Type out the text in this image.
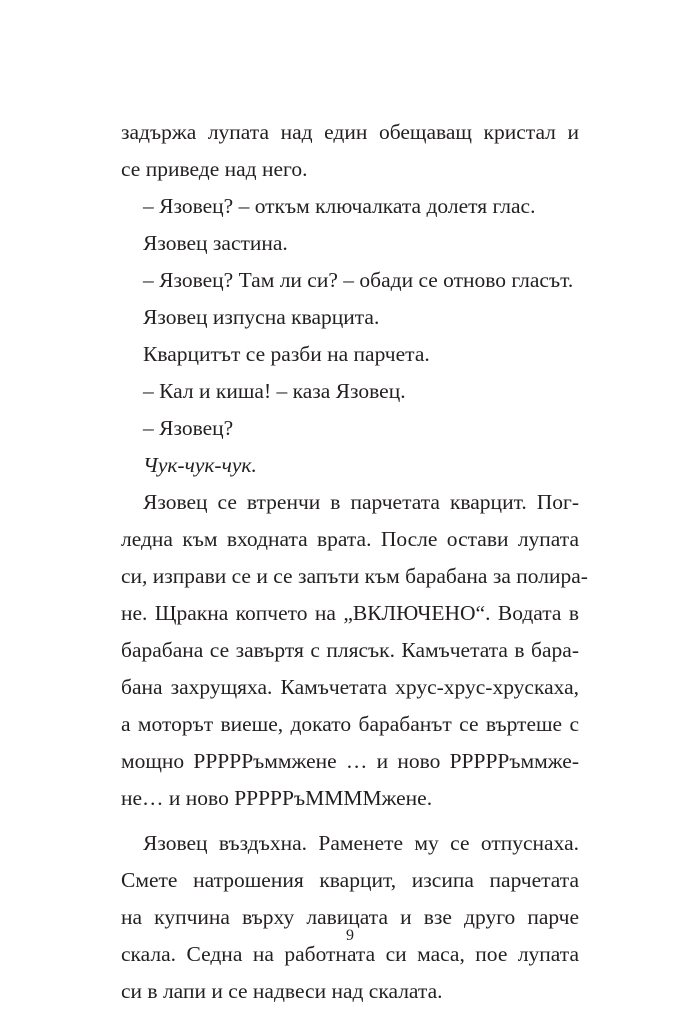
задържа лупата над един обещаващ кристал и
се приведе над него.
– Язовец? – откъм ключалката долетя глас.
Язовец застина.
– Язовец? Там ли си? – обади се отново гласът.
Язовец изпусна кварцита.
Кварцитът се разби на парчета.
– Кал и киша! – каза Язовец.
– Язовец?
Чук-чук-чук.
Язовец се втренчи в парчетата кварцит. Пог-
ледна към входната врата. После остави лупата
си, изправи се и се запъти към барабана за полира-
не. Щракна копчето на „ВКЛЮЧЕНО“. Водата в
барабана се завъртя с плясък. Камъчетата в бара-
бана захрущяха. Камъчетата хрус-хрус-хрускаха,
а моторът виеше, докато барабанът се въртеше с
мощно РРРРРъммжене … и ново РРРРРъммже-
не… и ново РРРРРъММММжене.
Язовец въздъхна. Раменете му се отпуснаха.
Смете натрошения кварцит, изсипа парчетата
на купчина върху лавицата и взе друго парче
скала. Седна на работната си маса, пое лупата
си в лапи и се надвеси над скалата.
9
